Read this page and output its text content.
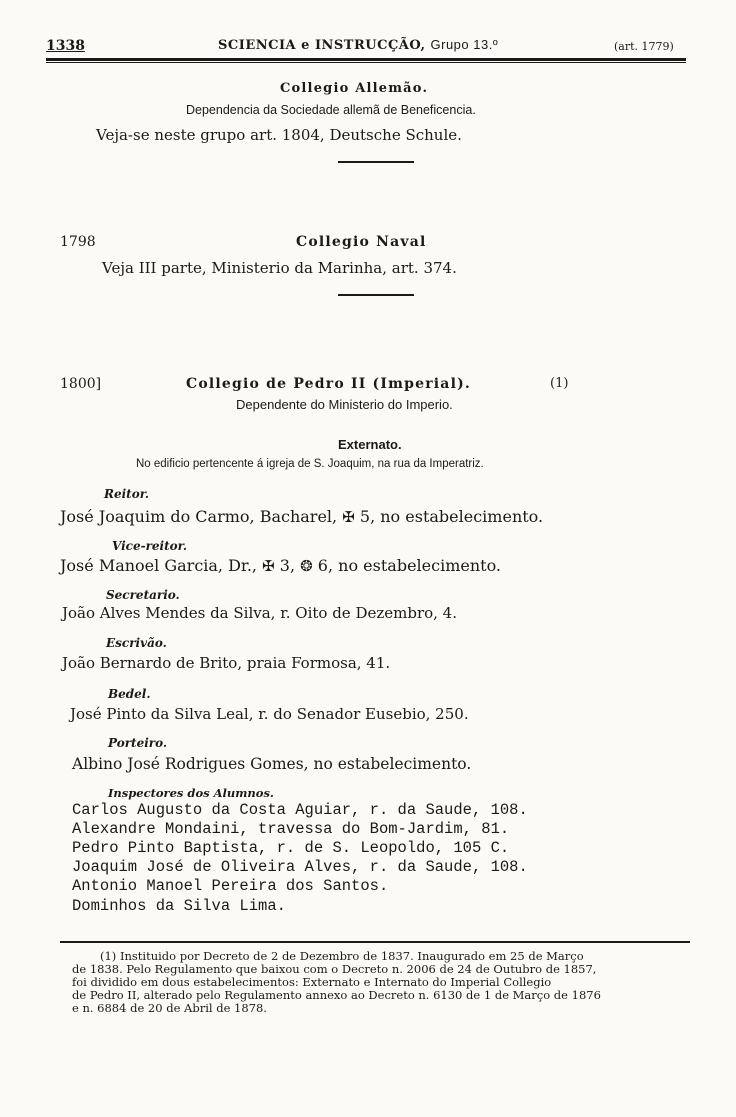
1338	SCIENCIA e INSTRUCÇÃO, Grupo 13.º	(art. 1779)
Collegio Allemão.
Dependencia da Sociedade allemã de Beneficencia.
Veja-se neste grupo art. 1804, Deutsche Schule.
1798	Collegio Naval
Veja III parte, Ministerio da Marinha, art. 374.
1800]	Collegio de Pedro II (Imperial).	(1)
Dependente do Ministerio do Imperio.
Externato.
No edificio pertencente á igreja de S. Joaquim, na rua da Imperatriz.
Reitor.
José Joaquim do Carmo, Bacharel, ✠ 5, no estabelecimento.
Vice-reitor.
José Manoel Garcia, Dr., ✠ 3, ❂ 6, no estabelecimento.
Secretario.
João Alves Mendes da Silva, r. Oito de Dezembro, 4.
Escrivão.
João Bernardo de Brito, praia Formosa, 41.
Bedel.
José Pinto da Silva Leal, r. do Senador Eusebio, 250.
Porteiro.
Albino José Rodrigues Gomes, no estabelecimento.
Inspectores dos Alumnos.
Carlos Augusto da Costa Aguiar, r. da Saude, 108.
Alexandre Mondaini, travessa do Bom-Jardim, 81.
Pedro Pinto Baptista, r. de S. Leopoldo, 105 C.
Joaquim José de Oliveira Alves, r. da Saude, 108.
Antonio Manoel Pereira dos Santos.
Dominhos da Silva Lima.
(1) Instituido por Decreto de 2 de Dezembro de 1837. Inaugurado em 25 de Março
de 1838. Pelo Regulamento que baixou com o Decreto n. 2006 de 24 de Outubro de 1857,
foi dividido em dous estabelecimentos: Externato e Internato do Imperial Collegio
de Pedro II, alterado pelo Regulamento annexo ao Decreto n. 6130 de 1 de Março de 1876
e n. 6884 de 20 de Abril de 1878.
